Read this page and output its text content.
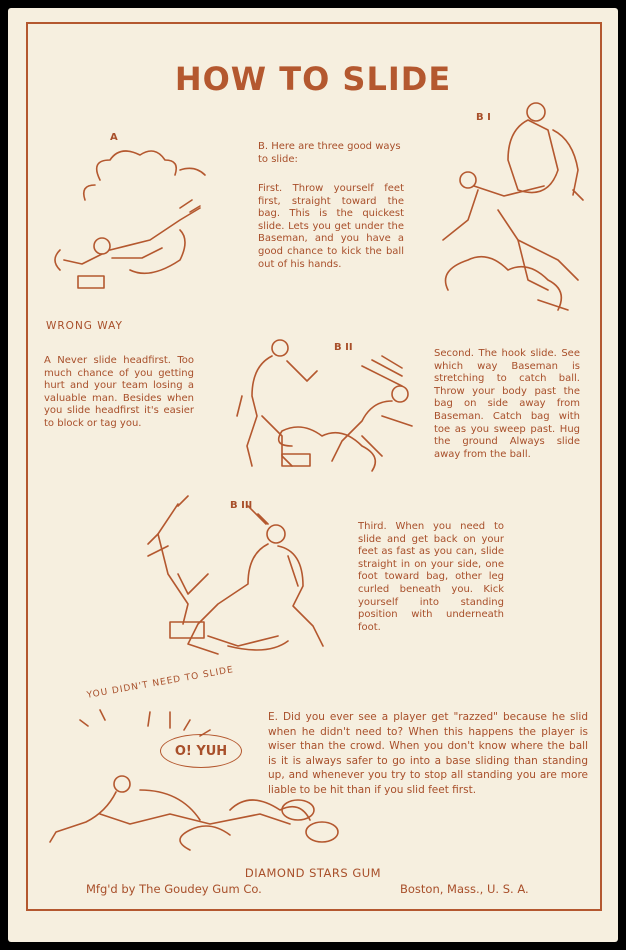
HOW TO SLIDE
A
B I
B II
B III
WRONG WAY
B. Here are three good ways to slide:
First. Throw yourself feet first, straight toward the bag. This is the quickest slide. Lets you get under the Baseman, and you have a good chance to kick the ball out of his hands.
A Never slide headfirst. Too much chance of you getting hurt and your team losing a valuable man. Besides when you slide headfirst it's easier to block or tag you.
Second. The hook slide. See which way Baseman is stretching to catch ball. Throw your body past the bag on side away from Baseman. Catch bag with toe as you sweep past. Hug the ground Always slide away from the ball.
Third. When you need to slide and get back on your feet as fast as you can, slide straight in on your side, one foot toward bag, other leg curled beneath you. Kick yourself into standing position with underneath foot.
YOU DIDN'T NEED TO SLIDE
O! YUH
E. Did you ever see a player get "razzed" because he slid when he didn't need to? When this happens the player is wiser than the crowd. When you don't know where the ball is it is always safer to go into a base sliding than standing up, and whenever you try to stop all standing you are more liable to be hit than if you slid feet first.
DIAMOND STARS GUM
Mfg'd by The Goudey Gum Co.	Boston, Mass., U. S. A.
